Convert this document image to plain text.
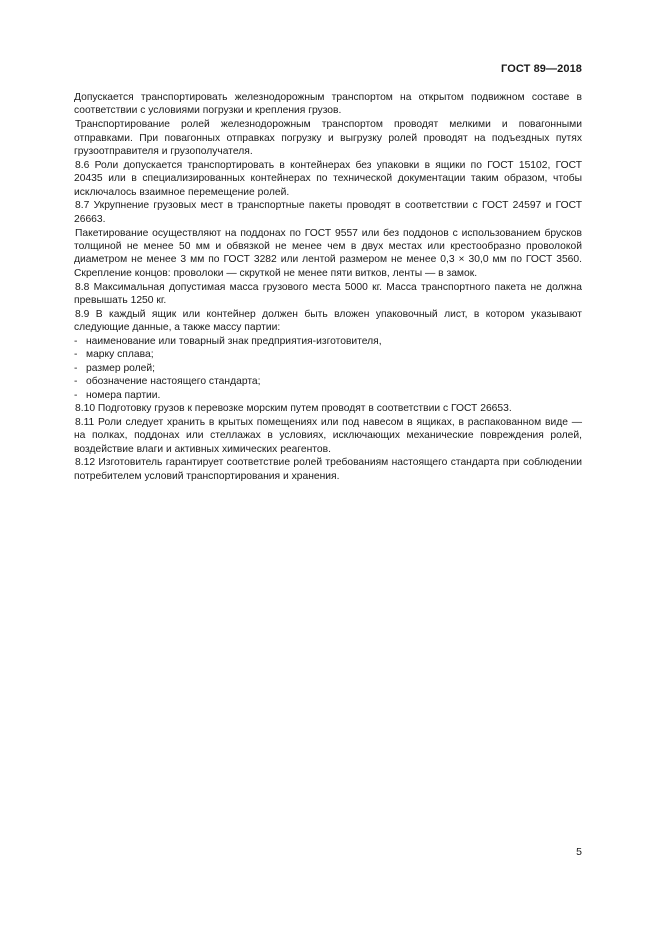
ГОСТ 89—2018

Допускается транспортировать железнодорожным транспортом на открытом подвижном составе в соответствии с условиями погрузки и крепления грузов.

Транспортирование ролей железнодорожным транспортом проводят мелкими и повагонными отправками. При повагонных отправках погрузку и выгрузку ролей проводят на подъездных путях грузоотправителя и грузополучателя.

8.6 Роли допускается транспортировать в контейнерах без упаковки в ящики по ГОСТ 15102, ГОСТ 20435 или в специализированных контейнерах по технической документации таким образом, чтобы исключалось взаимное перемещение ролей.

8.7 Укрупнение грузовых мест в транспортные пакеты проводят в соответствии с ГОСТ 24597 и ГОСТ 26663.

Пакетирование осуществляют на поддонах по ГОСТ 9557 или без поддонов с использованием брусков толщиной не менее 50 мм и обвязкой не менее чем в двух местах или крестообразно проволокой диаметром не менее 3 мм по ГОСТ 3282 или лентой размером не менее 0,3 × 30,0 мм по ГОСТ 3560. Скрепление концов: проволоки — скруткой не менее пяти витков, ленты — в замок.

8.8 Максимальная допустимая масса грузового места 5000 кг. Масса транспортного пакета не должна превышать 1250 кг.

8.9 В каждый ящик или контейнер должен быть вложен упаковочный лист, в котором указывают следующие данные, а также массу партии:

- наименование или товарный знак предприятия-изготовителя,
- марку сплава;
- размер ролей;
- обозначение настоящего стандарта;
- номера партии.

8.10 Подготовку грузов к перевозке морским путем проводят в соответствии с ГОСТ 26653.

8.11 Роли следует хранить в крытых помещениях или под навесом в ящиках, в распакованном виде — на полках, поддонах или стеллажах в условиях, исключающих механические повреждения ролей, воздействие влаги и активных химических реагентов.

8.12 Изготовитель гарантирует соответствие ролей требованиям настоящего стандарта при соблюдении потребителем условий транспортирования и хранения.

5
